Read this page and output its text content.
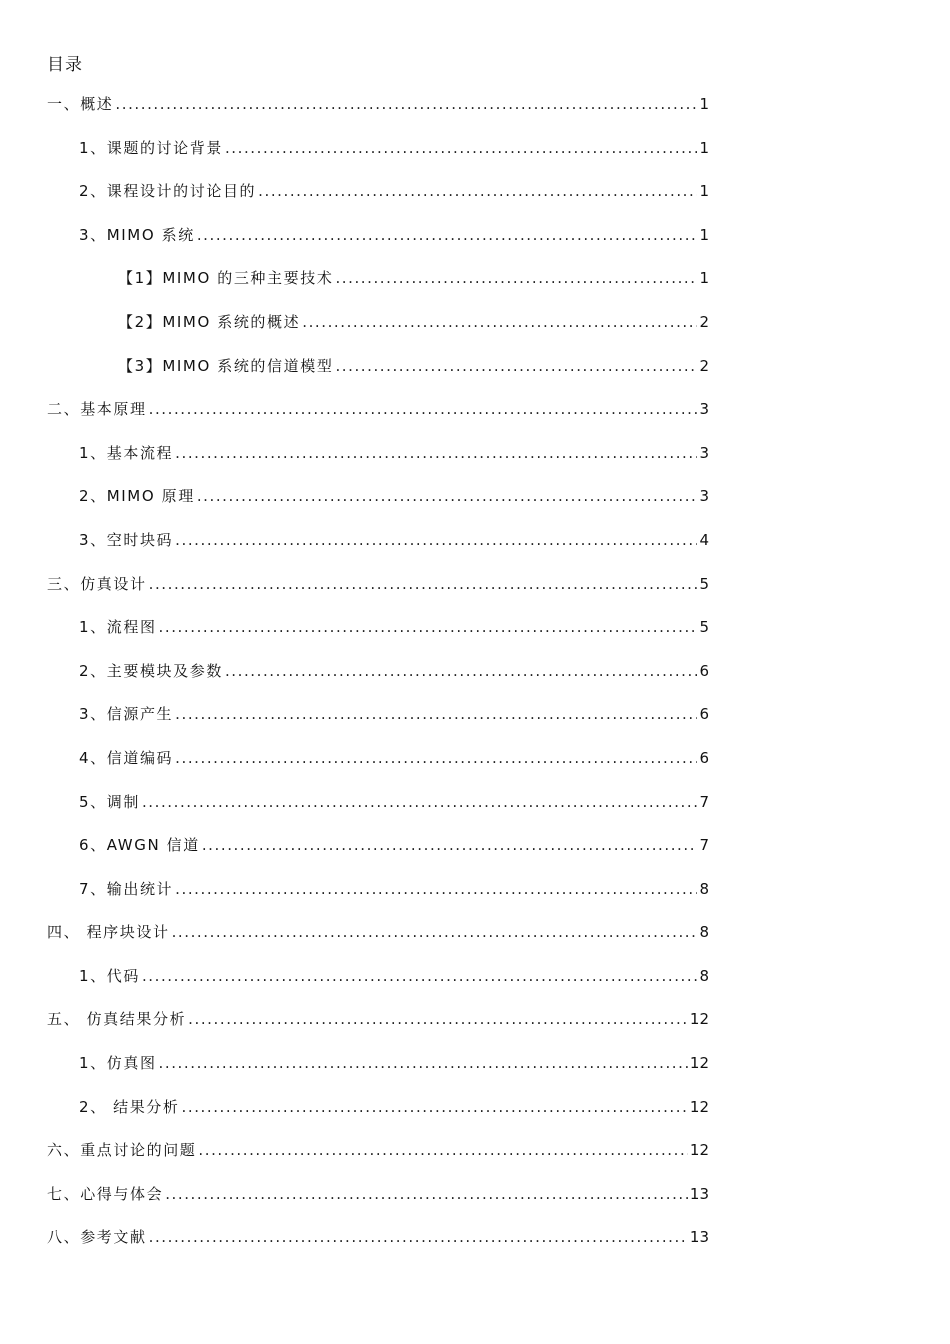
目录
一、概述 . . .	1
1、课题的讨论背景 . . .	1
2、课程设计的讨论目的 . . .	1
3、MIMO 系统 . . .	1
【1】MIMO 的三种主要技术 . . .	1
【2】MIMO 系统的概述 . . .	2
【3】MIMO 系统的信道模型 . . .	2
二、基本原理 . . .	3
1、基本流程 . . .	3
2、MIMO 原理 . . .	3
3、空时块码 . . .	4
三、仿真设计 . . .	5
1、流程图 . . .	5
2、主要模块及参数 . . .	6
3、信源产生 . . .	6
4、信道编码 . . .	6
5、调制 . . .	7
6、AWGN 信道 . . .	7
7、输出统计 . . .	8
四、 程序块设计 . . .	8
1、代码 . . .	8
五、 仿真结果分析 . . .	12
1、仿真图 . . .	12
2、 结果分析 . . .	12
六、重点讨论的问题 . . .	12
七、心得与体会 . . .	13
八、参考文献 . . .	13
